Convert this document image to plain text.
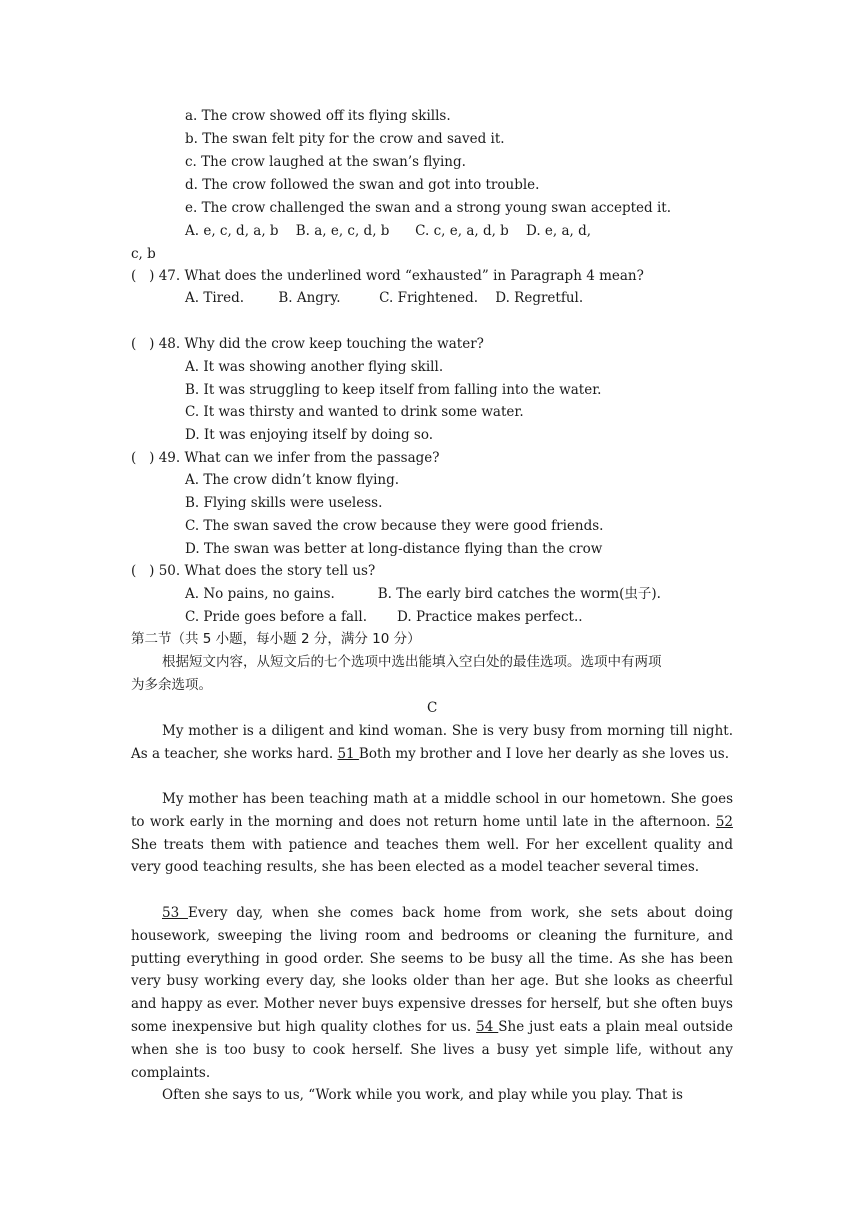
a. The crow showed off its flying skills.
b. The swan felt pity for the crow and saved it.
c. The crow laughed at the swan’s flying.
d. The crow followed the swan and got into trouble.
e. The crow challenged the swan and a strong young swan accepted it.
A. e, c, d, a, b    B. a, e, c, d, b      C. c, e, a, d, b    D. e, a, d,
c, b
(   ) 47. What does the underlined word “exhausted” in Paragraph 4 mean?
A. Tired.        B. Angry.         C. Frightened.    D. Regretful.
(   ) 48. Why did the crow keep touching the water?
A. It was showing another flying skill.
B. It was struggling to keep itself from falling into the water.
C. It was thirsty and wanted to drink some water.
D. It was enjoying itself by doing so.
(   ) 49. What can we infer from the passage?
A. The crow didn’t know flying.
B. Flying skills were useless.
C. The swan saved the crow because they were good friends.
D. The swan was better at long-distance flying than the crow
(   ) 50. What does the story tell us?
A. No pains, no gains.          B. The early bird catches the worm(虫子).
C. Pride goes before a fall.       D. Practice makes perfect..
第二节（共 5 小题，每小题 2 分，满分 10 分）
根据短文内容，从短文后的七个选项中选出能填入空白处的最佳选项。选项中有两项
为多余选项。
C
My mother is a diligent and kind woman. She is very busy from morning till night. As a teacher, she works hard. 51 Both my brother and I love her dearly as she loves us.
My mother has been teaching math at a middle school in our hometown. She goes to work early in the morning and does not return home until late in the afternoon. 52 She treats them with patience and teaches them well. For her excellent quality and very good teaching results, she has been elected as a model teacher several times.
53 Every day, when she comes back home from work, she sets about doing housework, sweeping the living room and bedrooms or cleaning the furniture, and putting everything in good order. She seems to be busy all the time. As she has been very busy working every day, she looks older than her age. But she looks as cheerful and happy as ever. Mother never buys expensive dresses for herself, but she often buys some inexpensive but high quality clothes for us. 54 She just eats a plain meal outside when she is too busy to cook herself. She lives a busy yet simple life, without any complaints.
Often she says to us, “Work while you work, and play while you play. That is
